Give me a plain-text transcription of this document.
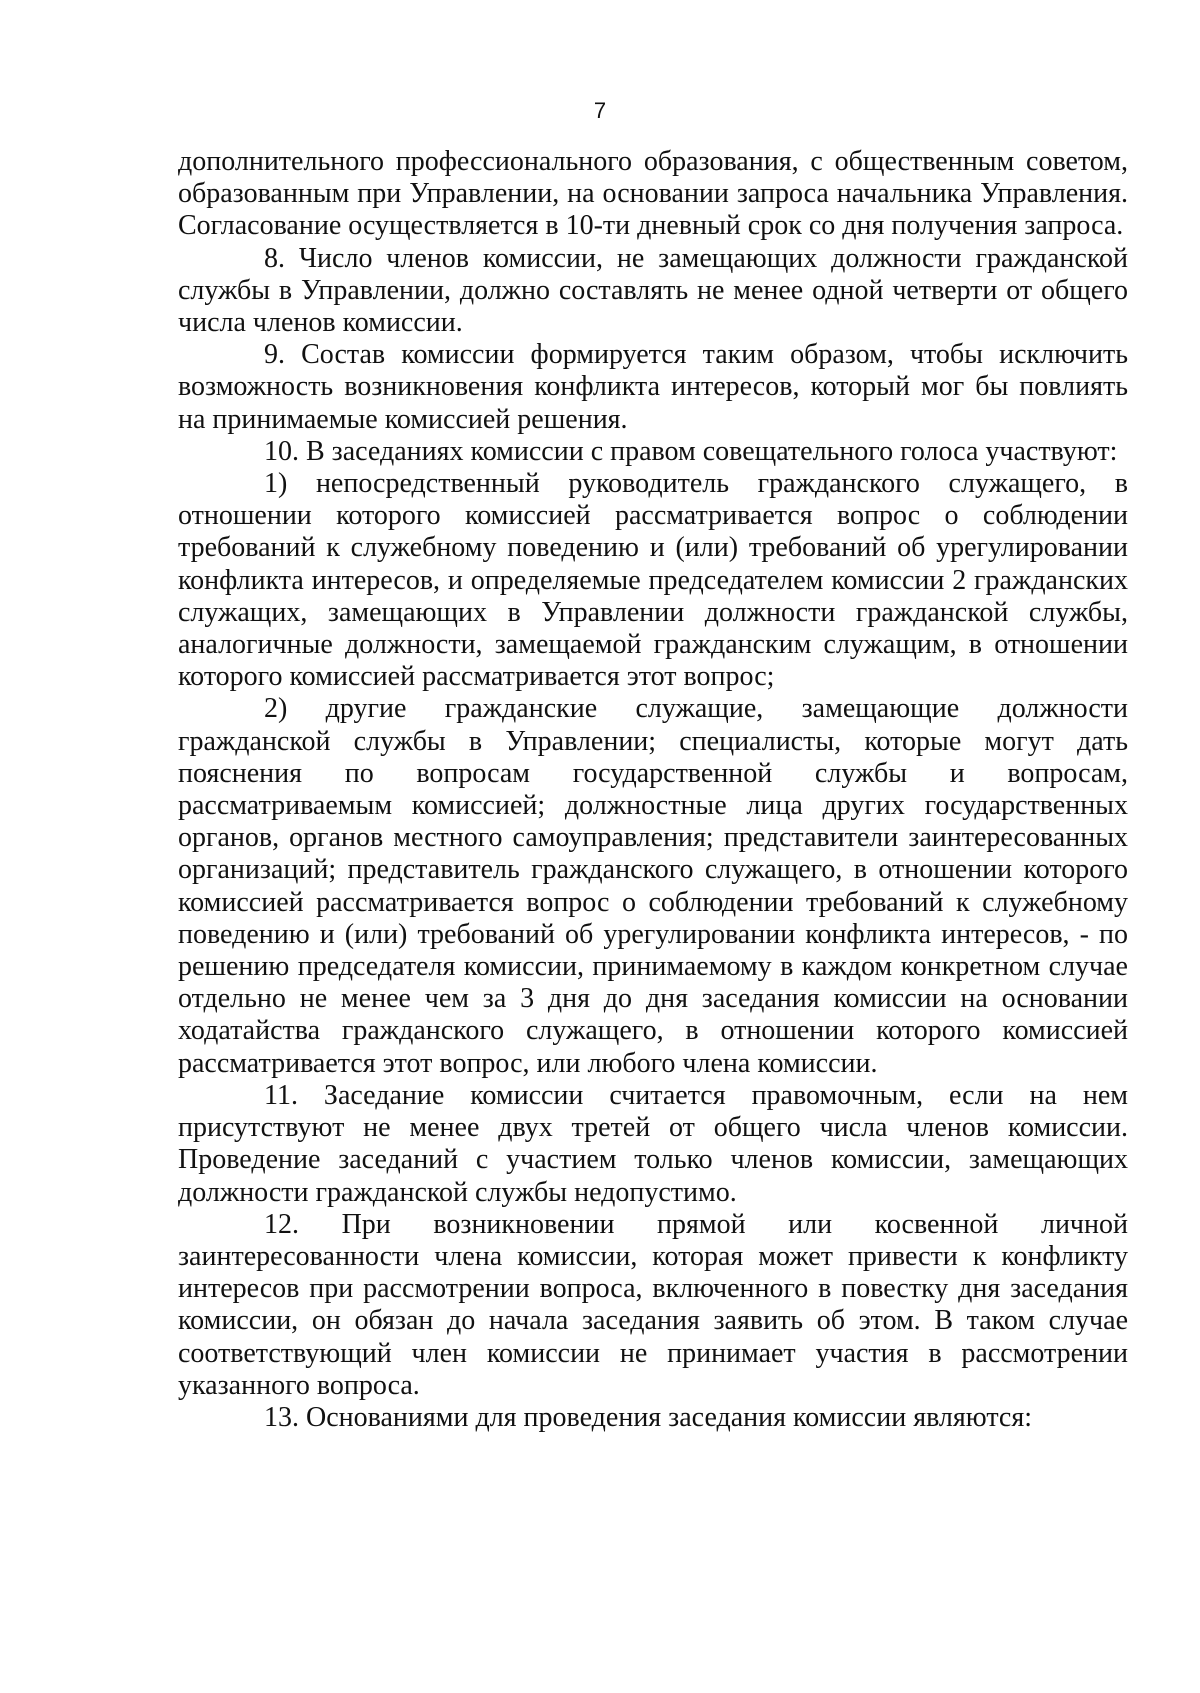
7

дополнительного профессионального образования, с общественным советом, образованным при Управлении, на основании запроса начальника Управления. Согласование осуществляется в 10-ти дневный срок со дня получения запроса.

8. Число членов комиссии, не замещающих должности гражданской службы в Управлении, должно составлять не менее одной четверти от общего числа членов комиссии.

9. Состав комиссии формируется таким образом, чтобы исключить возможность возникновения конфликта интересов, который мог бы повлиять на принимаемые комиссией решения.

10. В заседаниях комиссии с правом совещательного голоса участвуют:

1) непосредственный руководитель гражданского служащего, в отношении которого комиссией рассматривается вопрос о соблюдении требований к служебному поведению и (или) требований об урегулировании конфликта интересов, и определяемые председателем комиссии 2 гражданских служащих, замещающих в Управлении должности гражданской службы, аналогичные должности, замещаемой гражданским служащим, в отношении которого комиссией рассматривается этот вопрос;

2) другие гражданские служащие, замещающие должности гражданской службы в Управлении; специалисты, которые могут дать пояснения по вопросам государственной службы и вопросам, рассматриваемым комиссией; должностные лица других государственных органов, органов местного самоуправления; представители заинтересованных организаций; представитель гражданского служащего, в отношении которого комиссией рассматривается вопрос о соблюдении требований к служебному поведению и (или) требований об урегулировании конфликта интересов, - по решению председателя комиссии, принимаемому в каждом конкретном случае отдельно не менее чем за 3 дня до дня заседания комиссии на основании ходатайства гражданского служащего, в отношении которого комиссией рассматривается этот вопрос, или любого члена комиссии.

11. Заседание комиссии считается правомочным, если на нем присутствуют не менее двух третей от общего числа членов комиссии. Проведение заседаний с участием только членов комиссии, замещающих должности гражданской службы недопустимо.

12. При возникновении прямой или косвенной личной заинтересованности члена комиссии, которая может привести к конфликту интересов при рассмотрении вопроса, включенного в повестку дня заседания комиссии, он обязан до начала заседания заявить об этом. В таком случае соответствующий член комиссии не принимает участия в рассмотрении указанного вопроса.

13. Основаниями для проведения заседания комиссии являются:
